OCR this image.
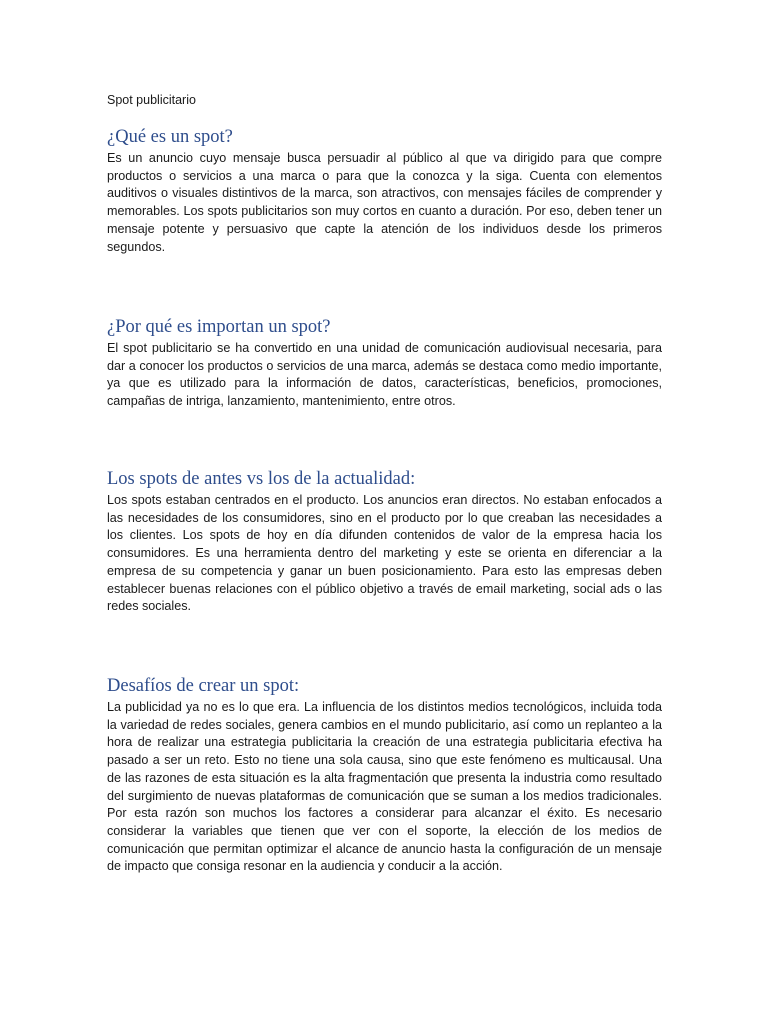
Spot publicitario

¿Qué es un spot?

Es un anuncio cuyo mensaje busca persuadir al público al que va dirigido para que compre productos o servicios a una marca o para que la conozca y la siga. Cuenta con elementos auditivos o visuales distintivos de la marca, son atractivos, con mensajes fáciles de comprender y memorables. Los spots publicitarios son muy cortos en cuanto a duración. Por eso, deben tener un mensaje potente y persuasivo que capte la atención de los individuos desde los primeros segundos.

¿Por qué es importan un spot?

El spot publicitario se ha convertido en una unidad de comunicación audiovisual necesaria, para dar a conocer los productos o servicios de una marca, además se destaca como medio importante, ya que es utilizado para la información de datos, características, beneficios, promociones, campañas de intriga, lanzamiento, mantenimiento, entre otros.

Los spots de antes vs los de la actualidad:

Los spots estaban centrados en el producto. Los anuncios eran directos. No estaban enfocados a las necesidades de los consumidores, sino en el producto por lo que creaban las necesidades a los clientes. Los spots de hoy en día difunden contenidos de valor de la empresa hacia los consumidores. Es una herramienta dentro del marketing y este se orienta en diferenciar a la empresa de su competencia y ganar un buen posicionamiento. Para esto las empresas deben establecer buenas relaciones con el público objetivo a través de email marketing, social ads o las redes sociales.

Desafíos de crear un spot:

La publicidad ya no es lo que era. La influencia de los distintos medios tecnológicos, incluida toda la variedad de redes sociales, genera cambios en el mundo publicitario, así como un replanteo a la hora de realizar una estrategia publicitaria la creación de una estrategia publicitaria efectiva ha pasado a ser un reto. Esto no tiene una sola causa, sino que este fenómeno es multicausal. Una de las razones de esta situación es la alta fragmentación que presenta la industria como resultado del surgimiento de nuevas plataformas de comunicación que se suman a los medios tradicionales. Por esta razón son muchos los factores a considerar para alcanzar el éxito. Es necesario considerar la variables que tienen que ver con el soporte, la elección de los medios de comunicación que permitan optimizar el alcance de anuncio hasta la configuración de un mensaje de impacto que consiga resonar en la audiencia y conducir a la acción.
